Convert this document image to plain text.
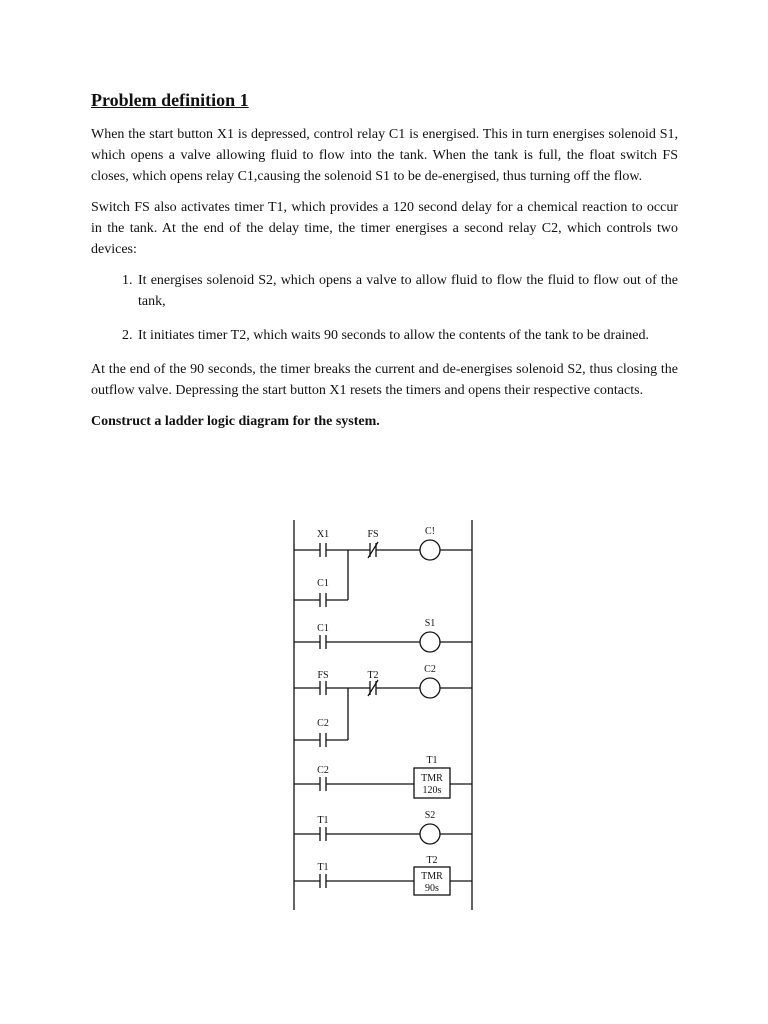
Problem definition 1

When the start button X1 is depressed, control relay C1 is energised. This in turn energises solenoid S1, which opens a valve allowing fluid to flow into the tank. When the tank is full, the float switch FS closes, which opens relay C1,causing the solenoid S1 to be de-energised, thus turning off the flow.

Switch FS also activates timer T1, which provides a 120 second delay for a chemical reaction to occur in the tank. At the end of the delay time, the timer energises a second relay C2, which controls two devices:

1. It energises solenoid S2, which opens a valve to allow fluid to flow the fluid to flow out of the tank,
2. It initiates timer T2, which waits 90 seconds to allow the contents of the tank to be drained.

At the end of the 90 seconds, the timer breaks the current and de-energises solenoid S2, thus closing the outflow valve. Depressing the start button X1 resets the timers and opens their respective contacts.

Construct a ladder logic diagram for the system.

X1	FS	C!
C1
C1	S1
FS	T2
C2
C2
C2
T1
TMR
120s
T1	S2
T1
T2
TMR
90s
